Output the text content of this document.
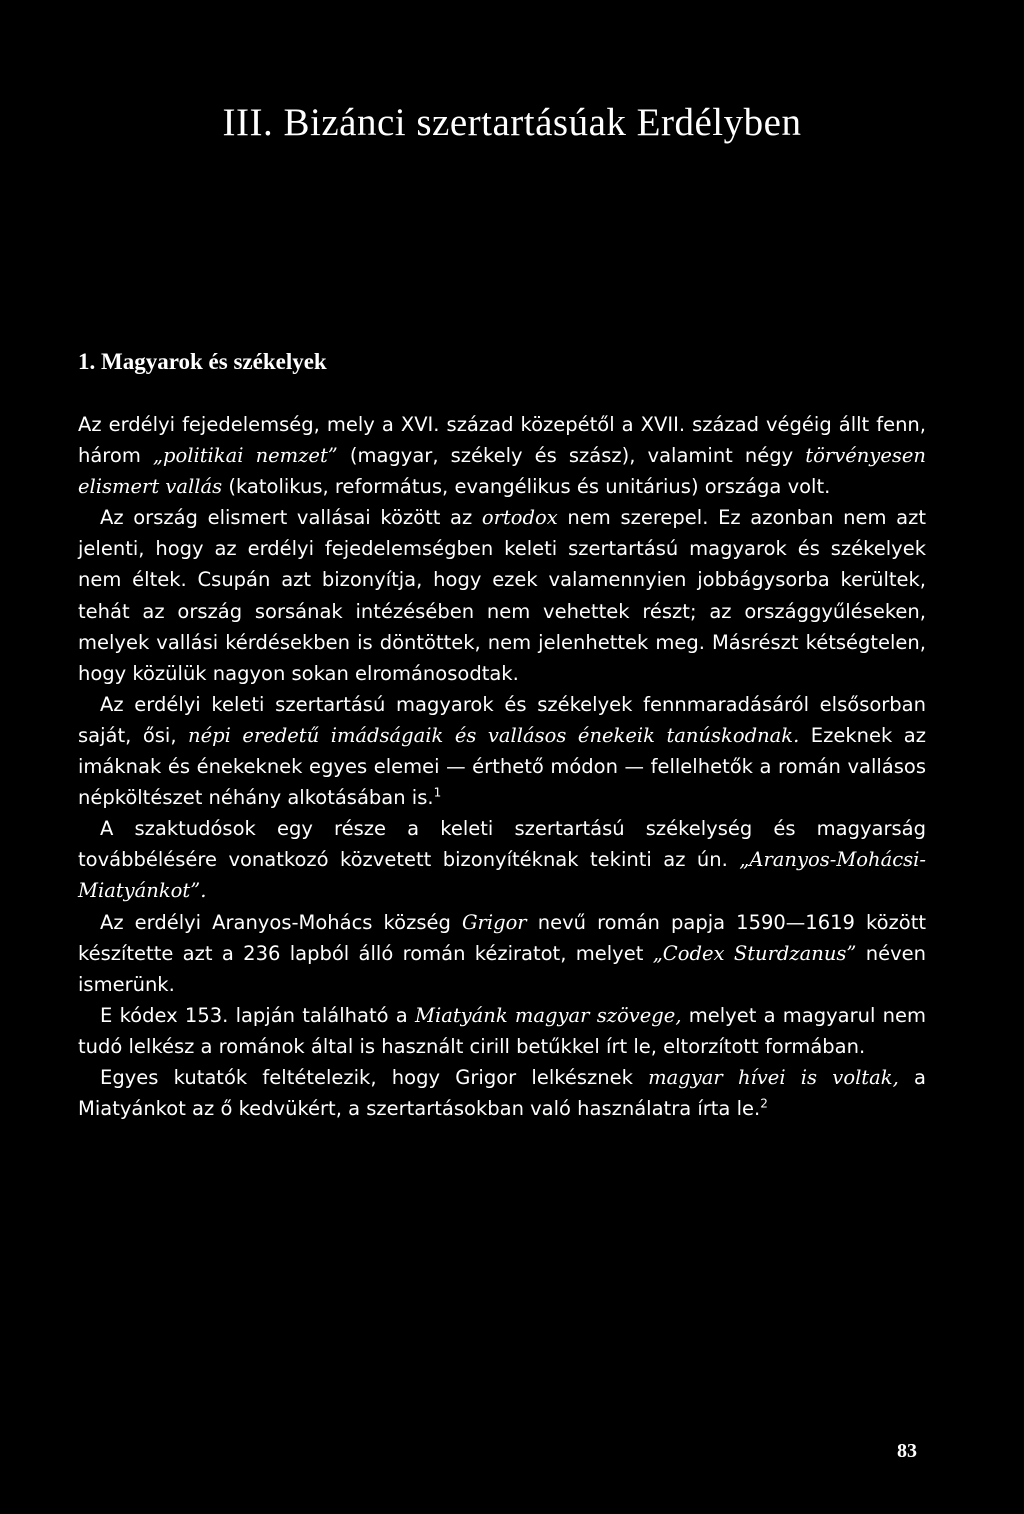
III. Bizánci szertartásúak Erdélyben
1. Magyarok és székelyek

Az erdélyi fejedelemség, mely a XVI. század közepétől a XVII. század végéig állt fenn, három „politikai nemzet” (magyar, székely és szász), valamint négy törvényesen elismert vallás (katolikus, református, evangélikus és unitárius) országa volt.

Az ország elismert vallásai között az ortodox nem szerepel. Ez azonban nem azt jelenti, hogy az erdélyi fejedelemségben keleti szertartású magyarok és székelyek nem éltek. Csupán azt bizonyítja, hogy ezek valamennyien jobbágysorba kerültek, tehát az ország sorsának intézésében nem vehettek részt; az országgyűléseken, melyek vallási kérdésekben is döntöttek, nem jelenhettek meg. Másrészt kétségtelen, hogy közülük nagyon sokan elrománosodtak.

Az erdélyi keleti szertartású magyarok és székelyek fennmaradásáról elsősorban saját, ősi, népi eredetű imádságaik és vallásos énekeik tanúskodnak. Ezeknek az imáknak és énekeknek egyes elemei — érthető módon — fellelhetők a román vallásos népköltészet néhány alkotásában is.$^1$

A szaktudósok egy része a keleti szertartású székelység és magyarság továbbélésére vonatkozó közvetett bizonyítéknak tekinti az ún. „Aranyos-Mohácsi-Miatyánkot”.

Az erdélyi Aranyos-Mohács község Grigor nevű román papja 1590—1619 között készítette azt a 236 lapból álló román kéziratot, melyet „Codex Sturdzanus” néven ismerünk.

E kódex 153. lapján található a Miatyánk magyar szövege, melyet a magyarul nem tudó lelkész a románok által is használt cirill betűkkel írt le, eltorzított formában.

Egyes kutatók feltételezik, hogy Grigor lelkésznek magyar hívei is voltak, a Miatyánkot az ő kedvükért, a szertartásokban való használatra írta le.$^2$

83
